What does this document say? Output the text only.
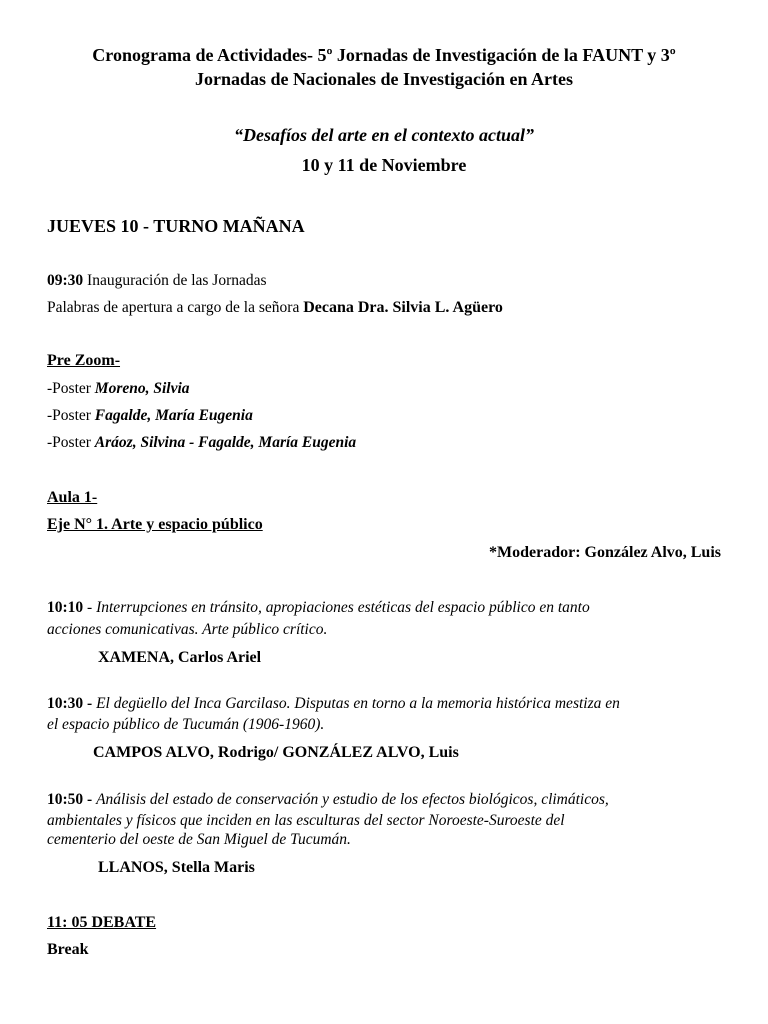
Cronograma de Actividades- 5º Jornadas de Investigación de la FAUNT y 3º
Jornadas de Nacionales de Investigación en Artes
“Desafíos del arte en el contexto actual”
10 y 11 de Noviembre
JUEVES 10 - TURNO MAÑANA
09:30 Inauguración de las Jornadas
Palabras de apertura a cargo de la señora Decana Dra. Silvia L. Agüero
Pre Zoom-
-Poster Moreno, Silvia
-Poster Fagalde, María Eugenia
-Poster Aráoz, Silvina - Fagalde, María Eugenia
Aula 1-
Eje N° 1. Arte y espacio público
*Moderador: González Alvo, Luis
10:10 - Interrupciones en tránsito, apropiaciones estéticas del espacio público en tanto
acciones comunicativas. Arte público crítico.
XAMENA, Carlos Ariel
10:30 - El degüello del Inca Garcilaso. Disputas en torno a la memoria histórica mestiza en
el espacio público de Tucumán (1906-1960).
CAMPOS ALVO, Rodrigo/ GONZÁLEZ ALVO, Luis
10:50 - Análisis del estado de conservación y estudio de los efectos biológicos, climáticos,
ambientales y físicos que inciden en las esculturas del sector Noroeste-Suroeste del
cementerio del oeste de San Miguel de Tucumán.
LLANOS, Stella Maris
11: 05 DEBATE
Break
